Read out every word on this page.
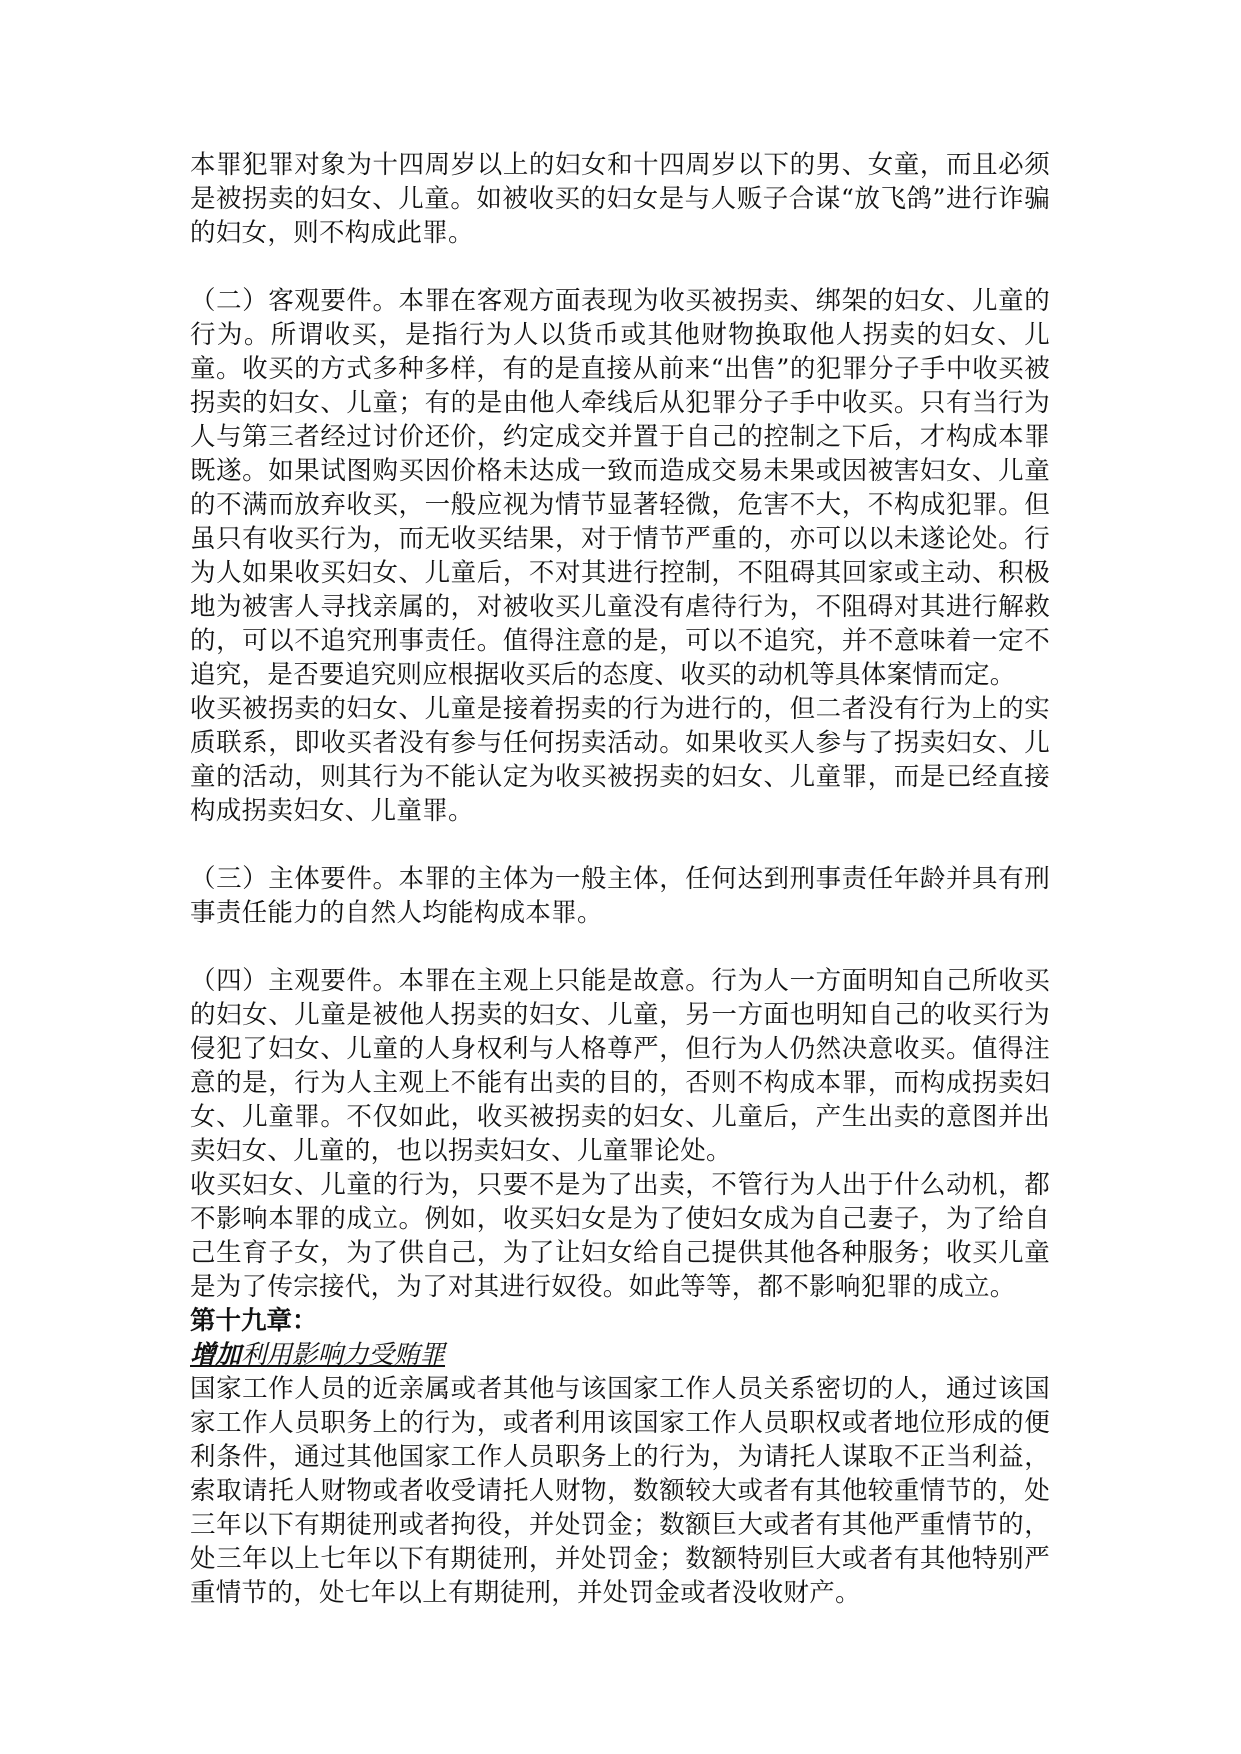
本罪犯罪对象为十四周岁以上的妇女和十四周岁以下的男、女童，而且必须是被拐卖的妇女、儿童。如被收买的妇女是与人贩子合谋“放飞鸽”进行诈骗的妇女，则不构成此罪。

（二）客观要件。本罪在客观方面表现为收买被拐卖、绑架的妇女、儿童的行为。所谓收买，是指行为人以货币或其他财物换取他人拐卖的妇女、儿童。收买的方式多种多样，有的是直接从前来“出售”的犯罪分子手中收买被拐卖的妇女、儿童；有的是由他人牵线后从犯罪分子手中收买。只有当行为人与第三者经过讨价还价，约定成交并置于自己的控制之下后，才构成本罪既遂。如果试图购买因价格未达成一致而造成交易未果或因被害妇女、儿童的不满而放弃收买，一般应视为情节显著轻微，危害不大，不构成犯罪。但虽只有收买行为，而无收买结果，对于情节严重的，亦可以以未遂论处。行为人如果收买妇女、儿童后，不对其进行控制，不阻碍其回家或主动、积极地为被害人寻找亲属的，对被收买儿童没有虐待行为，不阻碍对其进行解救的，可以不追究刑事责任。值得注意的是，可以不追究，并不意味着一定不追究，是否要追究则应根据收买后的态度、收买的动机等具体案情而定。

收买被拐卖的妇女、儿童是接着拐卖的行为进行的，但二者没有行为上的实质联系，即收买者没有参与任何拐卖活动。如果收买人参与了拐卖妇女、儿童的活动，则其行为不能认定为收买被拐卖的妇女、儿童罪，而是已经直接构成拐卖妇女、儿童罪。

（三）主体要件。本罪的主体为一般主体，任何达到刑事责任年龄并具有刑事责任能力的自然人均能构成本罪。

（四）主观要件。本罪在主观上只能是故意。行为人一方面明知自己所收买的妇女、儿童是被他人拐卖的妇女、儿童，另一方面也明知自己的收买行为侵犯了妇女、儿童的人身权利与人格尊严，但行为人仍然决意收买。值得注意的是，行为人主观上不能有出卖的目的，否则不构成本罪，而构成拐卖妇女、儿童罪。不仅如此，收买被拐卖的妇女、儿童后，产生出卖的意图并出卖妇女、儿童的，也以拐卖妇女、儿童罪论处。

收买妇女、儿童的行为，只要不是为了出卖，不管行为人出于什么动机，都不影响本罪的成立。例如，收买妇女是为了使妇女成为自己妻子，为了给自己生育子女，为了供自己，为了让妇女给自己提供其他各种服务；收买儿童是为了传宗接代，为了对其进行奴役。如此等等，都不影响犯罪的成立。

第十九章：

增加利用影响力受贿罪

国家工作人员的近亲属或者其他与该国家工作人员关系密切的人，通过该国家工作人员职务上的行为，或者利用该国家工作人员职权或者地位形成的便利条件，通过其他国家工作人员职务上的行为，为请托人谋取不正当利益，索取请托人财物或者收受请托人财物，数额较大或者有其他较重情节的，处三年以下有期徒刑或者拘役，并处罚金；数额巨大或者有其他严重情节的，处三年以上七年以下有期徒刑，并处罚金；数额特别巨大或者有其他特别严重情节的，处七年以上有期徒刑，并处罚金或者没收财产。
